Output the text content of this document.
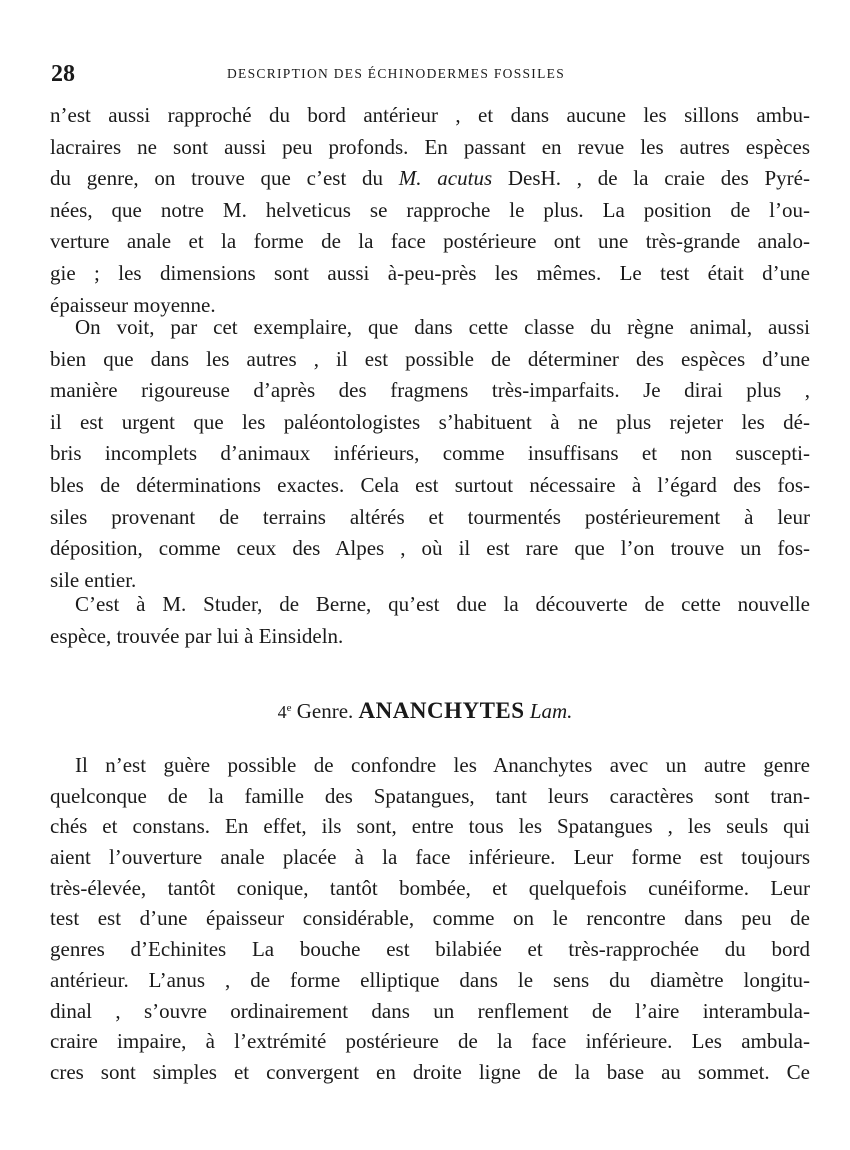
28	DESCRIPTION DES ÉCHINODERMES FOSSILES
n’est aussi rapproché du bord antérieur , et dans aucune les sillons ambu-
lacraires ne sont aussi peu profonds. En passant en revue les autres espèces
du genre, on trouve que c’est du M. acutus DesH. , de la craie des Pyré-
nées, que notre M. helveticus se rapproche le plus. La position de l’ou-
verture anale et la forme de la face postérieure ont une très-grande analo-
gie ; les dimensions sont aussi à-peu-près les mêmes. Le test était d’une
épaisseur moyenne.
On voit, par cet exemplaire, que dans cette classe du règne animal, aussi
bien que dans les autres , il est possible de déterminer des espèces d’une
manière rigoureuse d’après des fragmens très-imparfaits. Je dirai plus ,
il est urgent que les paléontologistes s’habituent à ne plus rejeter les dé-
bris incomplets d’animaux inférieurs, comme insuffisans et non suscepti-
bles de déterminations exactes. Cela est surtout nécessaire à l’égard des fos-
siles provenant de terrains altérés et tourmentés postérieurement à leur
déposition, comme ceux des Alpes , où il est rare que l’on trouve un fos-
sile entier.
C’est à M. Studer, de Berne, qu’est due la découverte de cette nouvelle
espèce, trouvée par lui à Einsideln.
4e Genre. ANANCHYTES Lam.
Il n’est guère possible de confondre les Ananchytes avec un autre genre
quelconque de la famille des Spatangues, tant leurs caractères sont tran-
chés et constans. En effet, ils sont, entre tous les Spatangues , les seuls qui
aient l’ouverture anale placée à la face inférieure. Leur forme est toujours
très-élevée, tantôt conique, tantôt bombée, et quelquefois cunéiforme. Leur
test est d’une épaisseur considérable, comme on le rencontre dans peu de
genres d’Echinites La bouche est bilabiée et très-rapprochée du bord
antérieur. L’anus , de forme elliptique dans le sens du diamètre longitu-
dinal , s’ouvre ordinairement dans un renflement de l’aire interambula-
craire impaire, à l’extrémité postérieure de la face inférieure. Les ambula-
cres sont simples et convergent en droite ligne de la base au sommet. Ce
